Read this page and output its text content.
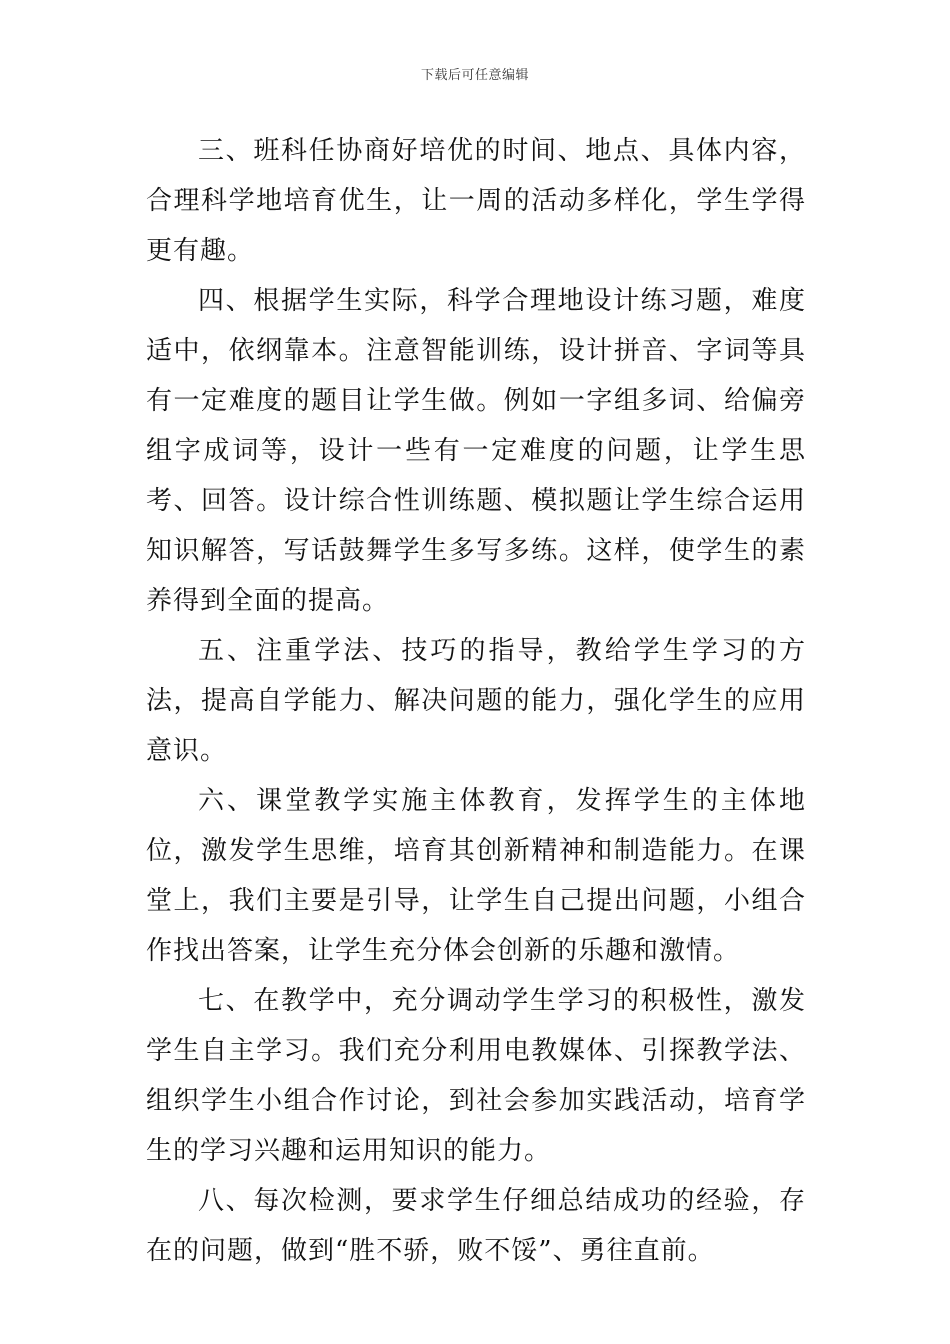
下载后可任意编辑

三、班科任协商好培优的时间、地点、具体内容，合理科学地培育优生，让一周的活动多样化，学生学得更有趣。

四、根据学生实际，科学合理地设计练习题，难度适中，依纲靠本。注意智能训练，设计拼音、字词等具有一定难度的题目让学生做。例如一字组多词、给偏旁组字成词等，设计一些有一定难度的问题，让学生思考、回答。设计综合性训练题、模拟题让学生综合运用知识解答，写话鼓舞学生多写多练。这样，使学生的素养得到全面的提高。

五、注重学法、技巧的指导，教给学生学习的方法，提高自学能力、解决问题的能力，强化学生的应用意识。

六、课堂教学实施主体教育，发挥学生的主体地位，激发学生思维，培育其创新精神和制造能力。在课堂上，我们主要是引导，让学生自己提出问题，小组合作找出答案，让学生充分体会创新的乐趣和激情。

七、在教学中，充分调动学生学习的积极性，激发学生自主学习。我们充分利用电教媒体、引探教学法、组织学生小组合作讨论，到社会参加实践活动，培育学生的学习兴趣和运用知识的能力。

八、每次检测，要求学生仔细总结成功的经验，存在的问题，做到“胜不骄，败不馁”、勇往直前。
